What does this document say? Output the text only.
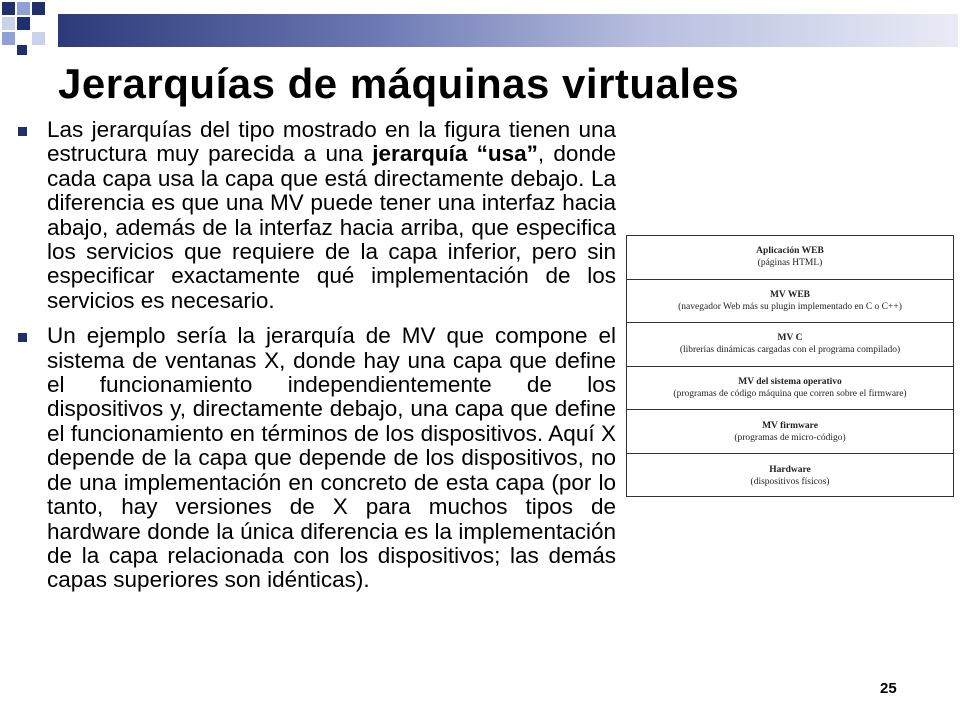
Jerarquías de máquinas virtuales
Las jerarquías del tipo mostrado en la figura tienen una estructura muy parecida a una jerarquía “usa”, donde cada capa usa la capa que está directamente debajo. La diferencia es que una MV puede tener una interfaz hacia abajo, además de la interfaz hacia arriba, que especifica los servicios que requiere de la capa inferior, pero sin especificar exactamente qué implementación de los servicios es necesario.
Un ejemplo sería la jerarquía de MV que compone el sistema de ventanas X, donde hay una capa que define el funcionamiento independientemente de los dispositivos y, directamente debajo, una capa que define el funcionamiento en términos de los dispositivos. Aquí X depende de la capa que depende de los dispositivos, no de una implementación en concreto de esta capa (por lo tanto, hay versiones de X para muchos tipos de hardware donde la única diferencia es la implementación de la capa relacionada con los dispositivos; las demás capas superiores son idénticas).
Aplicación WEB
(páginas HTML)
MV WEB
(navegador Web más su plugin implementado en C o C++)
MV C
(librerías dinámicas cargadas con el programa compilado)
MV del sistema operativo
(programas de código máquina que corren sobre el firmware)
MV firmware
(programas de micro-código)
Hardware
(dispositivos físicos)
25
